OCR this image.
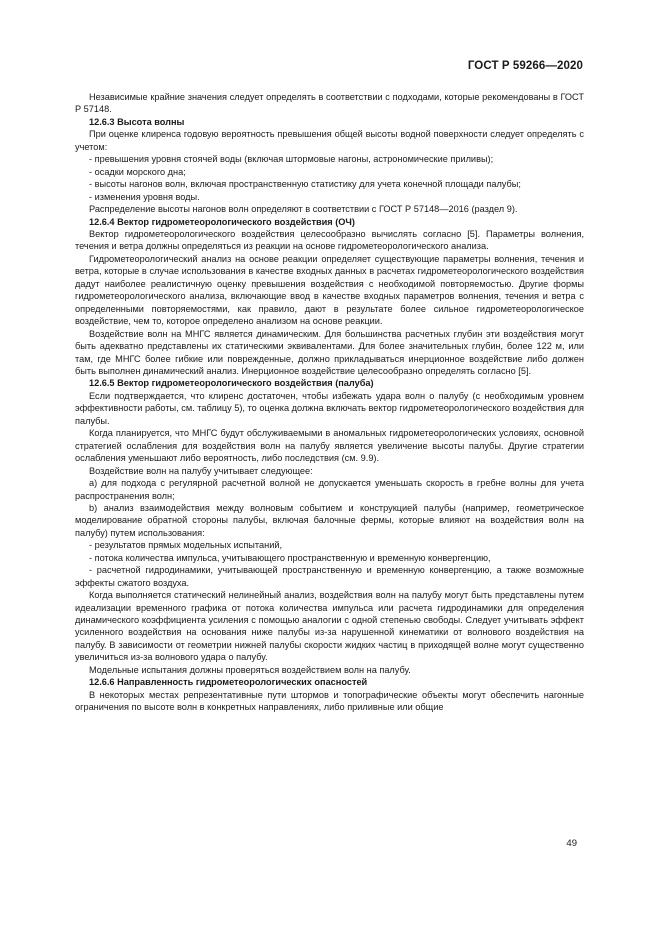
ГОСТ Р 59266—2020

Независимые крайние значения следует определять в соответствии с подходами, которые рекомендованы в ГОСТ Р 57148.

12.6.3 Высота волны

При оценке клиренса годовую вероятность превышения общей высоты водной поверхности следует определять с учетом:

- превышения уровня стоячей воды (включая штормовые нагоны, астрономические приливы);

- осадки морского дна;

- высоты нагонов волн, включая пространственную статистику для учета конечной площади палубы;

- изменения уровня воды.

Распределение высоты нагонов волн определяют в соответствии с ГОСТ Р 57148—2016 (раздел 9).

12.6.4 Вектор гидрометеорологического воздействия (ОЧ)

Вектор гидрометеорологического воздействия целесообразно вычислять согласно [5]. Параметры волнения, течения и ветра должны определяться из реакции на основе гидрометеорологического анализа.

Гидрометеорологический анализ на основе реакции определяет существующие параметры волнения, течения и ветра, которые в случае использования в качестве входных данных в расчетах гидрометеорологического воздействия дадут наиболее реалистичную оценку превышения воздействия с необходимой повторяемостью. Другие формы гидрометеорологического анализа, включающие ввод в качестве входных параметров волнения, течения и ветра с определенными повторяемостями, как правило, дают в результате более сильное гидрометеорологическое воздействие, чем то, которое определено анализом на основе реакции.

Воздействие волн на МНГС является динамическим. Для большинства расчетных глубин эти воздействия могут быть адекватно представлены их статическими эквивалентами. Для более значительных глубин, более 122 м, или там, где МНГС более гибкие или поврежденные, должно прикладываться инерционное воздействие либо должен быть выполнен динамический анализ. Инерционное воздействие целесообразно определять согласно [5].

12.6.5 Вектор гидрометеорологического воздействия (палуба)

Если подтверждается, что клиренс достаточен, чтобы избежать удара волн о палубу (с необходимым уровнем эффективности работы, см. таблицу 5), то оценка должна включать вектор гидрометеорологического воздействия для палубы.

Когда планируется, что МНГС будут обслуживаемыми в аномальных гидрометеорологических условиях, основной стратегией ослабления для воздействия волн на палубу является увеличение высоты палубы. Другие стратегии ослабления уменьшают либо вероятность, либо последствия (см. 9.9).

Воздействие волн на палубу учитывает следующее:

а) для подхода с регулярной расчетной волной не допускается уменьшать скорость в гребне волны для учета распространения волн;

b) анализ взаимодействия между волновым событием и конструкцией палубы (например, геометрическое моделирование обратной стороны палубы, включая балочные фермы, которые влияют на воздействия волн на палубу) путем использования:

- результатов прямых модельных испытаний,

- потока количества импульса, учитывающего пространственную и временную конвергенцию,

- расчетной гидродинамики, учитывающей пространственную и временную конвергенцию, а также возможные эффекты сжатого воздуха.

Когда выполняется статический нелинейный анализ, воздействия волн на палубу могут быть представлены путем идеализации временного графика от потока количества импульса или расчета гидродинамики для определения динамического коэффициента усиления с помощью аналогии с одной степенью свободы. Следует учитывать эффект усиленного воздействия на основания ниже палубы из-за нарушенной кинематики от волнового воздействия на палубу. В зависимости от геометрии нижней палубы скорости жидких частиц в приходящей волне могут существенно увеличиться из-за волнового удара о палубу.

Модельные испытания должны проверяться воздействием волн на палубу.

12.6.6 Направленность гидрометеорологических опасностей

В некоторых местах репрезентативные пути штормов и топографические объекты могут обеспечить нагонные ограничения по высоте волн в конкретных направлениях, либо приливные или общие

49
